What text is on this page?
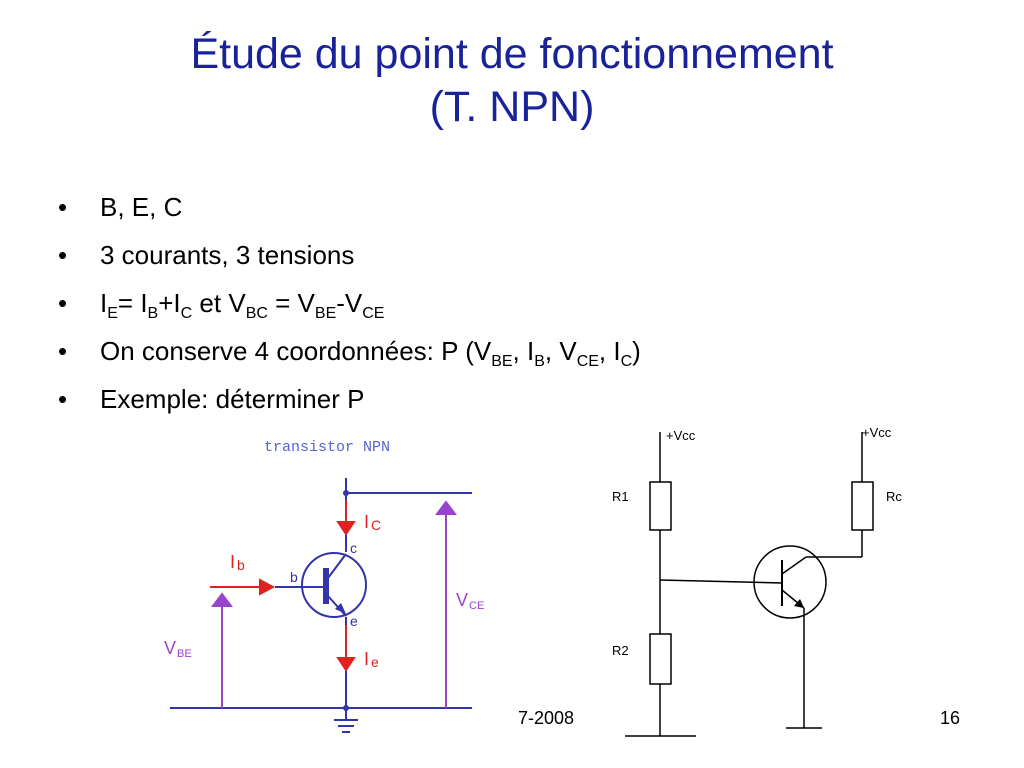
Étude du point de fonctionnement
(T. NPN)
• B, E, C
• 3 courants, 3 tensions
• $I_E= I_B+I_C$ et $V_{BC} = V_{BE}-V_{CE}$
• On conserve 4 coordonnées: P ($V_{BE}$, $I_B$, $V_{CE}$, $I_C$)
• Exemple: déterminer P
transistor NPN
c
b
e
I C
I b
I e
VBE
VCE
+Vcc	+Vcc
R1
R2
Rc
7-2008	16
